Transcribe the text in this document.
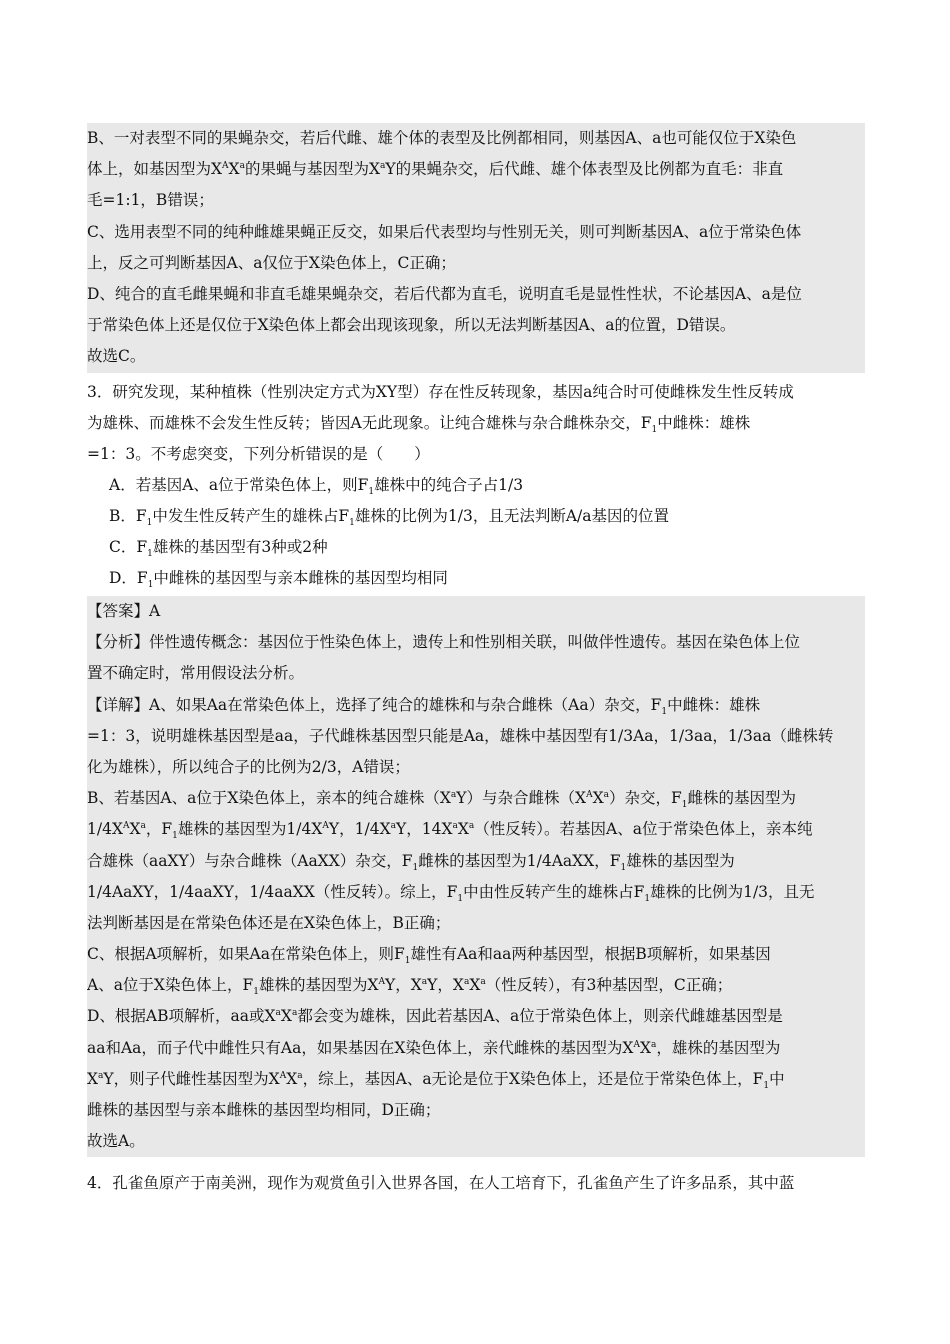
B、一对表型不同的果蝇杂交，若后代雌、雄个体的表型及比例都相同，则基因A、a也可能仅位于X染色
体上，如基因型为$X^AX^a$的果蝇与基因型为$X^aY$的果蝇杂交，后代雌、雄个体表型及比例都为直毛：非直
毛=1:1，B错误；
C、选用表型不同的纯种雌雄果蝇正反交，如果后代表型均与性别无关，则可判断基因A、a位于常染色体
上，反之可判断基因A、a仅位于X染色体上，C正确；
D、纯合的直毛雌果蝇和非直毛雄果蝇杂交，若后代都为直毛，说明直毛是显性性状，不论基因A、a是位
于常染色体上还是仅位于X染色体上都会出现该现象，所以无法判断基因A、a的位置，D错误。
故选C。
3．研究发现，某种植株（性别决定方式为XY型）存在性反转现象，基因a纯合时可使雌株发生性反转成
为雄株、而雄株不会发生性反转；皆因A无此现象。让纯合雄株与杂合雌株杂交，$F_1$中雌株：雄株
=1：3。不考虑突变，下列分析错误的是（　　）
A．若基因A、a位于常染色体上，则$F_1$雄株中的纯合子占1/3
B．$F_1$中发生性反转产生的雄株占$F_1$雄株的比例为1/3，且无法判断A/a基因的位置
C．$F_1$雄株的基因型有3种或2种
D．$F_1$中雌株的基因型与亲本雌株的基因型均相同
【答案】A
【分析】伴性遗传概念：基因位于性染色体上，遗传上和性别相关联，叫做伴性遗传。基因在染色体上位
置不确定时，常用假设法分析。
【详解】A、如果Aa在常染色体上，选择了纯合的雄株和与杂合雌株（Aa）杂交，$F_1$中雌株：雄株
=1：3，说明雄株基因型是aa，子代雌株基因型只能是Aa，雄株中基因型有1/3Aa，1/3aa，1/3aa（雌株转
化为雄株），所以纯合子的比例为2/3，A错误；
B、若基因A、a位于X染色体上，亲本的纯合雄株$(X^aY)$与杂合雌株$(X^AX^a)$杂交，$F_1$雌株的基因型为
$1/4X^AX^a$，$F_1$雄株的基因型为$1/4X^AY$，$1/4X^aY$，$14X^aX^a$（性反转）。若基因A、a位于常染色体上，亲本纯
合雄株（aaXY）与杂合雌株（AaXX）杂交，$F_1$雌株的基因型为1/4AaXX，$F_1$雄株的基因型为
1/4AaXY，1/4aaXY，1/4aaXX（性反转）。综上，$F_1$中由性反转产生的雄株占$F_1$雄株的比例为1/3，且无
法判断基因是在常染色体还是在X染色体上，B正确；
C、根据A项解析，如果Aa在常染色体上，则$F_1$雄性有Aa和aa两种基因型，根据B项解析，如果基因
A、a位于X染色体上，$F_1$雄株的基因型为$X^AY$，$X^aY$，$X^aX^a$（性反转），有3种基因型，C正确；
D、根据AB项解析，aa或$X^aX^a$都会变为雄株，因此若基因A、a位于常染色体上，则亲代雌雄基因型是
aa和Aa，而子代中雌性只有Aa，如果基因在X染色体上，亲代雌株的基因型为$X^AX^a$，雄株的基因型为
$X^aY$，则子代雌性基因型为$X^AX^a$，综上，基因A、a无论是位于X染色体上，还是位于常染色体上，$F_1$中
雌株的基因型与亲本雌株的基因型均相同，D正确；
故选A。
4．孔雀鱼原产于南美洲，现作为观赏鱼引入世界各国，在人工培育下，孔雀鱼产生了许多品系，其中蓝
